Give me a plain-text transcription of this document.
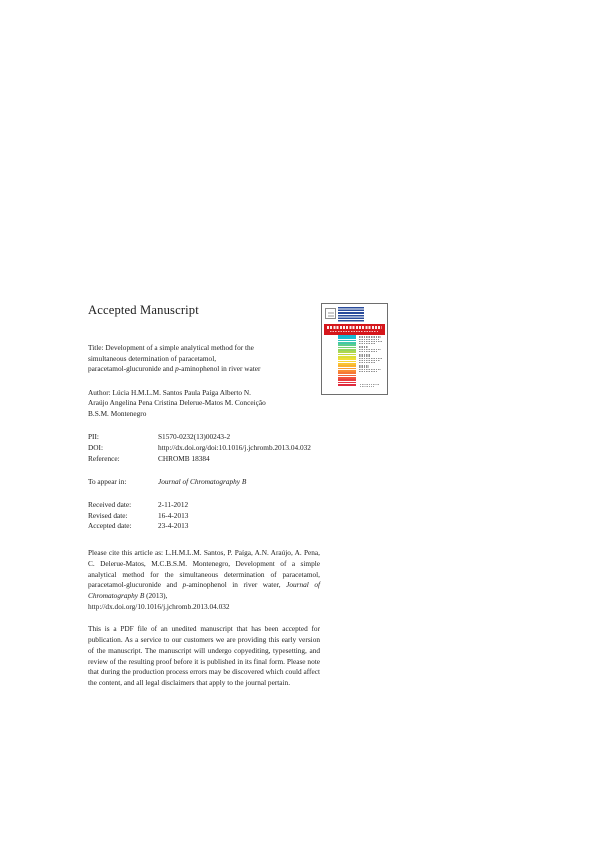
Accepted Manuscript
Title: Development of a simple analytical method for the
simultaneous determination of paracetamol,
paracetamol-glucuronide and p-aminophenol in river water
Author: Lúcia H.M.L.M. Santos Paula Paíga Alberto N.
Araújo Angelina Pena Cristina Delerue-Matos M. Conceição
B.S.M. Montenegro
PII:	S1570-0232(13)00243-2
DOI:	http://dx.doi.org/doi:10.1016/j.jchromb.2013.04.032
Reference:	CHROMB 18384
To appear in:	Journal of Chromatography B
Received date:	2-11-2012
Revised date:	16-4-2013
Accepted date:	23-4-2013
Please cite this article as: L.H.M.L.M. Santos, P. Paíga, A.N. Araújo, A. Pena, C. Delerue-Matos, M.C.B.S.M. Montenegro, Development of a simple analytical method for the simultaneous determination of paracetamol, paracetamol-glucuronide and p-aminophenol in river water, Journal of Chromatography B (2013),
http://dx.doi.org/10.1016/j.jchromb.2013.04.032
This is a PDF file of an unedited manuscript that has been accepted for publication. As a service to our customers we are providing this early version of the manuscript. The manuscript will undergo copyediting, typesetting, and review of the resulting proof before it is published in its final form. Please note that during the production process errors may be discovered which could affect the content, and all legal disclaimers that apply to the journal pertain.
